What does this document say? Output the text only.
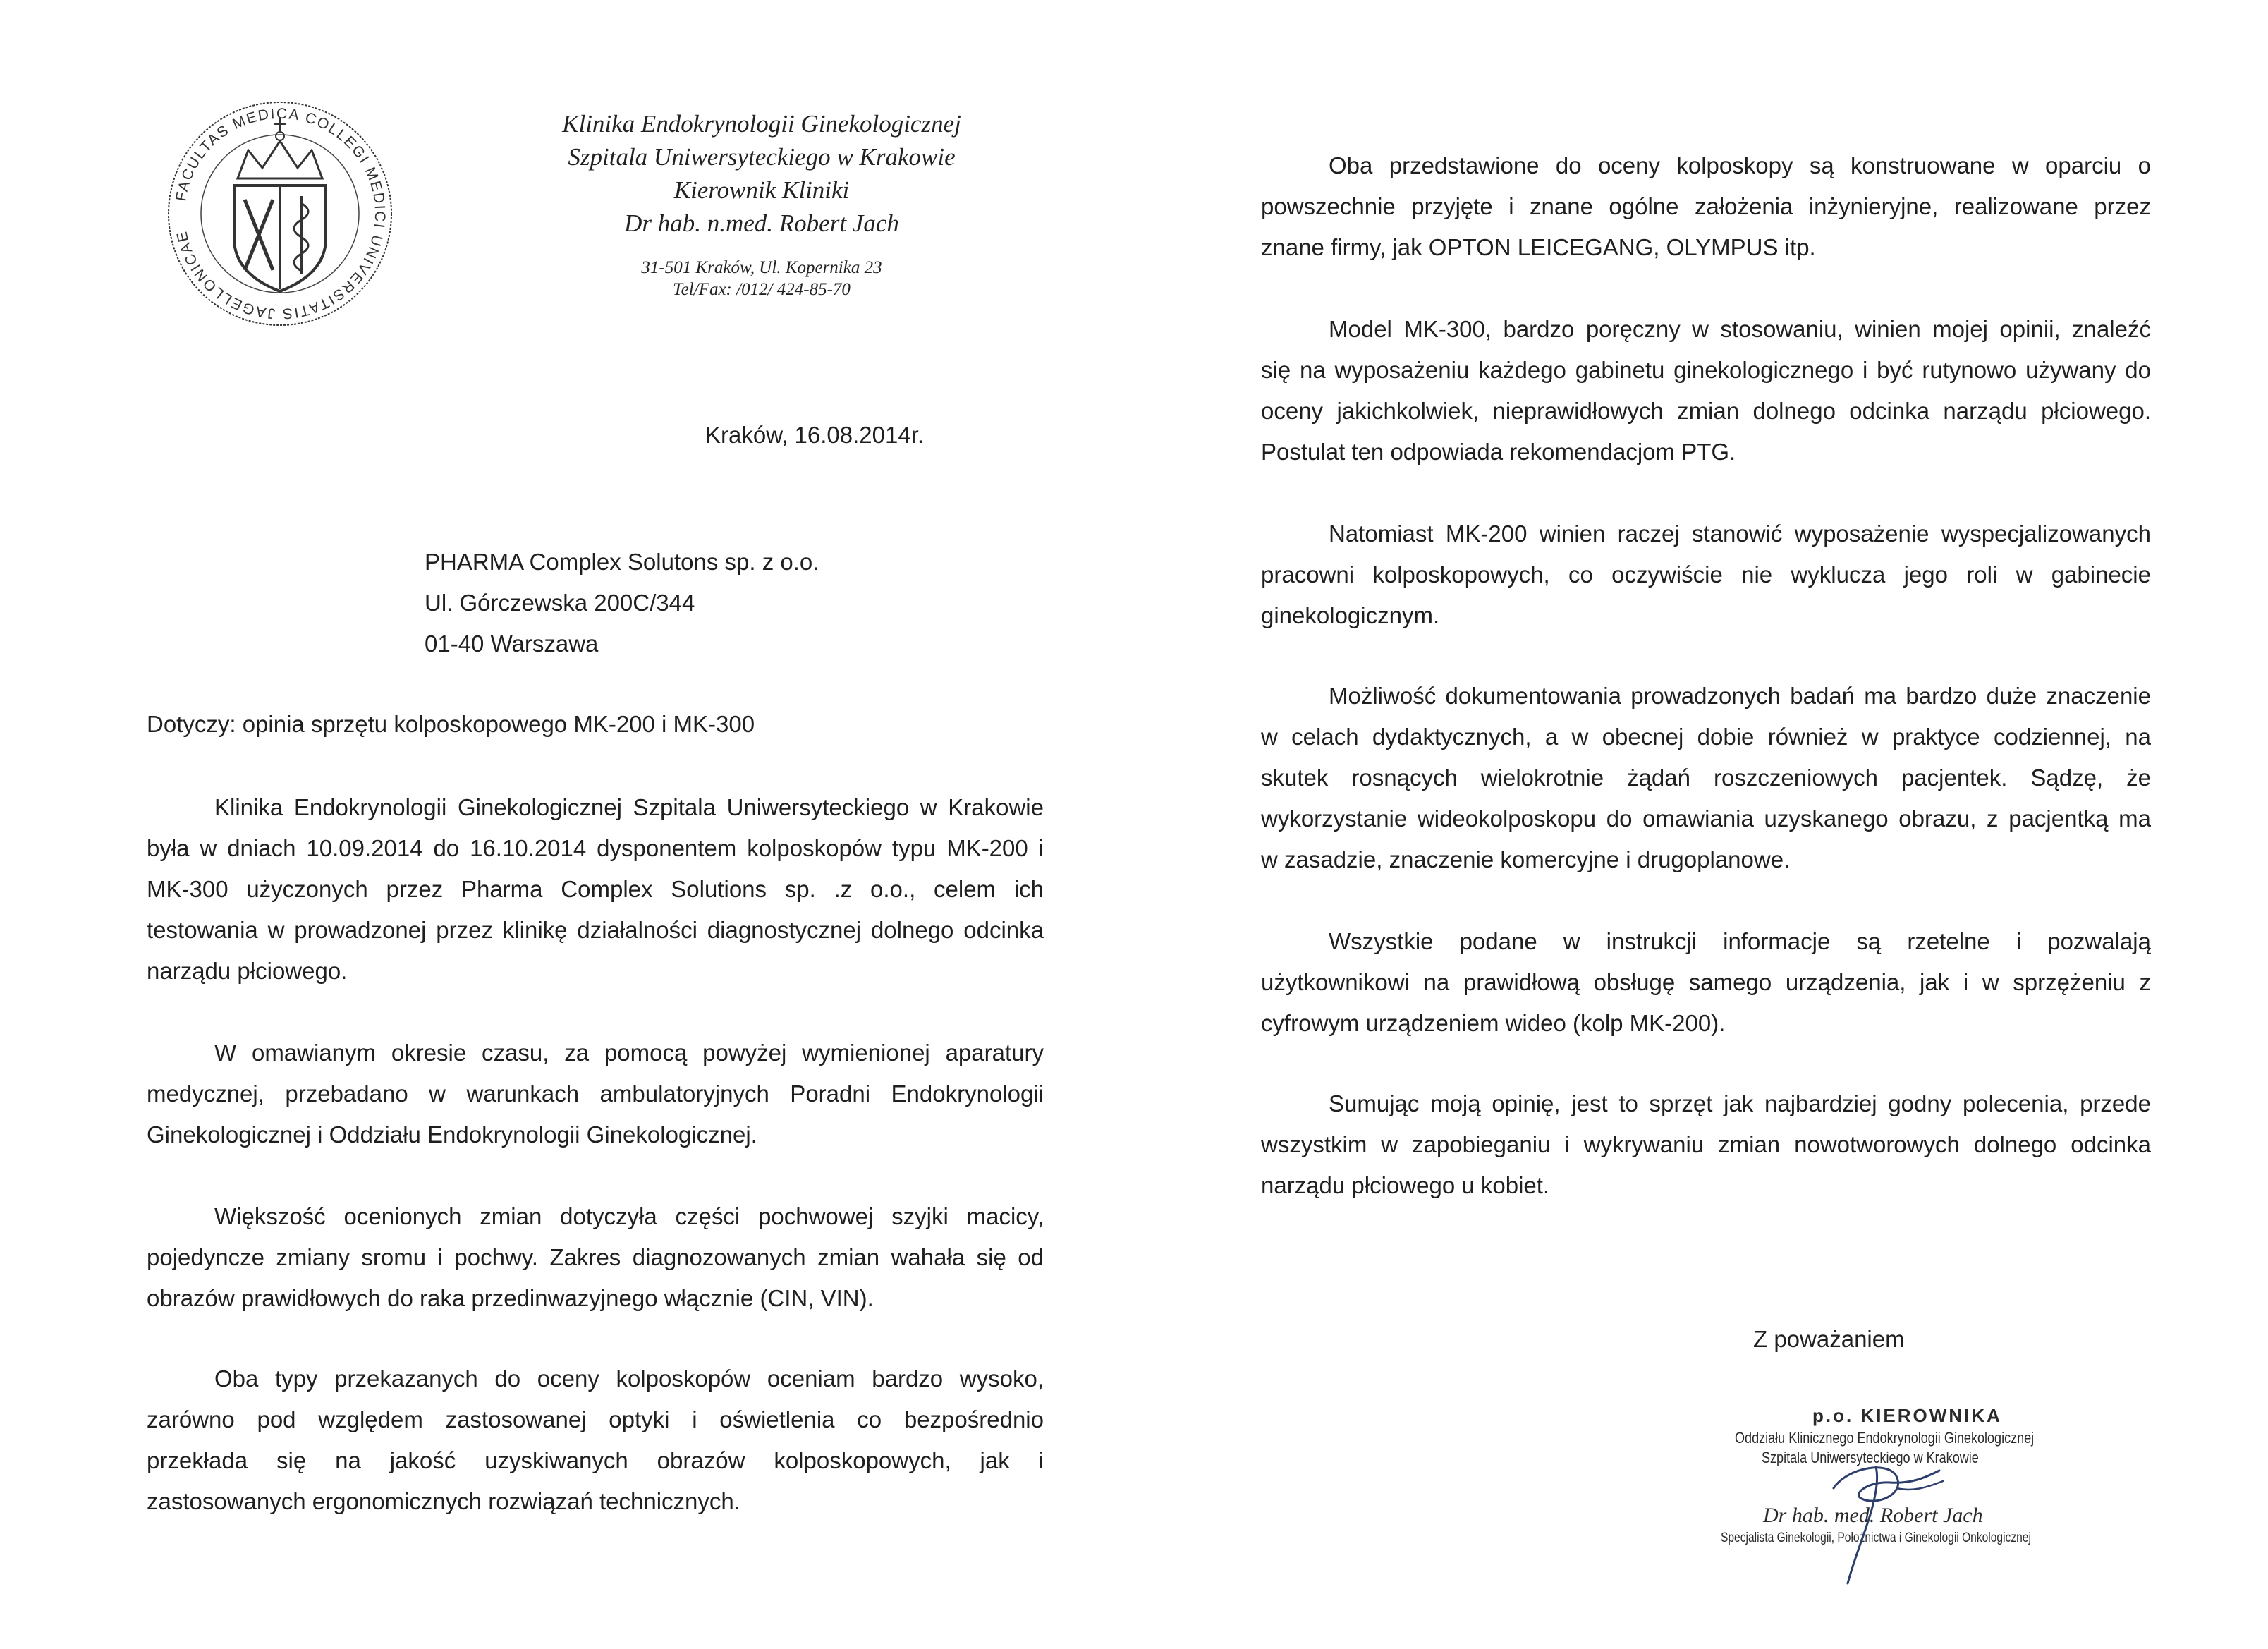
FACULTAS MEDICA COLLEGI MEDICI UNIVERSITATIS JAGELLONICAE
Klinika Endokrynologii Ginekologicznej
Szpitala Uniwersyteckiego w Krakowie
Kierownik Kliniki
Dr hab. n.med. Robert Jach
31-501 Kraków, Ul. Kopernika 23
Tel/Fax: /012/ 424-85-70
Kraków, 16.08.2014r.
PHARMA Complex Solutons sp. z o.o.
Ul. Górczewska 200C/344
01-40 Warszawa
Dotyczy: opinia sprzętu kolposkopowego MK-200 i MK-300
Klinika Endokrynologii Ginekologicznej Szpitala Uniwersyteckiego w Krakowie
była w dniach 10.09.2014 do 16.10.2014 dysponentem kolposkopów typu MK-200 i
MK-300 użyczonych przez Pharma Complex Solutions sp. .z o.o., celem ich
testowania w prowadzonej przez klinikę działalności diagnostycznej dolnego odcinka
narządu płciowego.
W omawianym okresie czasu, za pomocą powyżej wymienionej aparatury
medycznej, przebadano w warunkach ambulatoryjnych Poradni Endokrynologii
Ginekologicznej i Oddziału Endokrynologii Ginekologicznej.
Większość ocenionych zmian dotyczyła części pochwowej szyjki macicy,
pojedyncze zmiany sromu i pochwy. Zakres diagnozowanych zmian wahała się od
obrazów prawidłowych do raka przedinwazyjnego włącznie (CIN, VIN).
Oba typy przekazanych do oceny kolposkopów oceniam bardzo wysoko,
zarówno pod względem zastosowanej optyki i oświetlenia co bezpośrednio
przekłada się na jakość uzyskiwanych obrazów kolposkopowych, jak i
zastosowanych ergonomicznych rozwiązań technicznych.
Oba przedstawione do oceny kolposkopy są konstruowane w oparciu o
powszechnie przyjęte i znane ogólne założenia inżynieryjne, realizowane przez
znane firmy, jak OPTON LEICEGANG, OLYMPUS itp.
Model MK-300, bardzo poręczny w stosowaniu, winien mojej opinii, znaleźć
się na wyposażeniu każdego gabinetu ginekologicznego i być rutynowo używany do
oceny jakichkolwiek, nieprawidłowych zmian dolnego odcinka narządu płciowego.
Postulat ten odpowiada rekomendacjom PTG.
Natomiast MK-200 winien raczej stanowić wyposażenie wyspecjalizowanych
pracowni kolposkopowych, co oczywiście nie wyklucza jego roli w gabinecie
ginekologicznym.
Możliwość dokumentowania prowadzonych badań ma bardzo duże znaczenie
w celach dydaktycznych, a w obecnej dobie również w praktyce codziennej, na
skutek rosnących wielokrotnie żądań roszczeniowych pacjentek. Sądzę, że
wykorzystanie wideokolposkopu do omawiania uzyskanego obrazu, z pacjentką ma
w zasadzie, znaczenie komercyjne i drugoplanowe.
Wszystkie podane w instrukcji informacje są rzetelne i pozwalają
użytkownikowi na prawidłową obsługę samego urządzenia, jak i w sprzężeniu z
cyfrowym urządzeniem wideo (kolp MK-200).
Sumując moją opinię, jest to sprzęt jak najbardziej godny polecenia, przede
wszystkim w zapobieganiu i wykrywaniu zmian nowotworowych dolnego odcinka
narządu płciowego u kobiet.
Z poważaniem
p.o. KIEROWNIKA
Oddziału Klinicznego Endokrynologii Ginekologicznej
Szpitala Uniwersyteckiego w Krakowie
Dr hab. med. Robert Jach
Specjalista Ginekologii, Położnictwa i Ginekologii Onkologicznej
